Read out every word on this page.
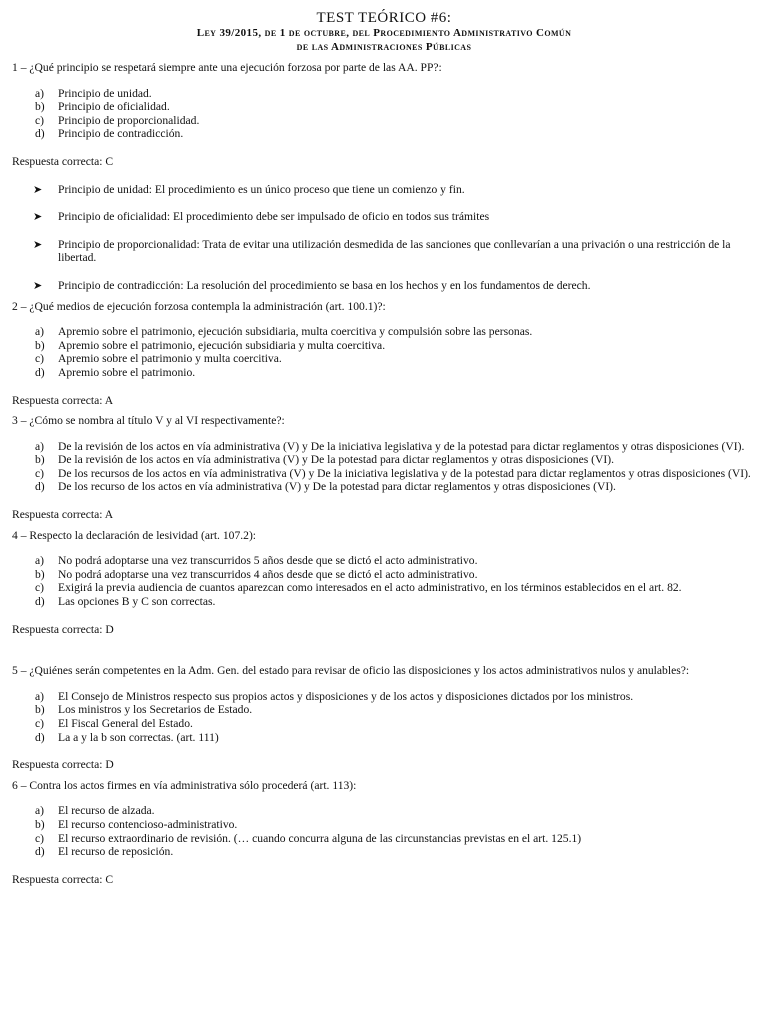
TEST TEÓRICO #6:
Ley 39/2015, de 1 de octubre, del Procedimiento Administrativo Común
de las Administraciones Públicas
1 – ¿Qué principio se respetará siempre ante una ejecución forzosa por parte de las AA. PP?:
a)	Principio de unidad.
b)	Principio de oficialidad.
c)	Principio de proporcionalidad.
d)	Principio de contradicción.
Respuesta correcta: C
➤	Principio de unidad: El procedimiento es un único proceso que tiene un comienzo y fin.
➤	Principio de oficialidad: El procedimiento debe ser impulsado de oficio en todos sus trámites
➤	Principio de proporcionalidad: Trata de evitar una utilización desmedida de las sanciones que conllevarían a una privación o una restricción de la libertad.
➤	Principio de contradicción: La resolución del procedimiento se basa en los hechos y en los fundamentos de derech.
2 – ¿Qué medios de ejecución forzosa contempla la administración (art. 100.1)?:
a)	Apremio sobre el patrimonio, ejecución subsidiaria, multa coercitiva y compulsión sobre las personas.
b)	Apremio sobre el patrimonio, ejecución subsidiaria y multa coercitiva.
c)	Apremio sobre el patrimonio y multa coercitiva.
d)	Apremio sobre el patrimonio.
Respuesta correcta: A
3 – ¿Cómo se nombra al título V y al VI respectivamente?:
a)	De la revisión de los actos en vía administrativa (V) y De la iniciativa legislativa y de la potestad para dictar reglamentos y otras disposiciones (VI).
b)	De la revisión de los actos en vía administrativa (V) y De la potestad para dictar reglamentos y otras disposiciones (VI).
c)	De los recursos de los actos en vía administrativa (V) y De la iniciativa legislativa y de la potestad para dictar reglamentos y otras disposiciones (VI).
d)	De los recurso de los actos en vía administrativa (V) y De la potestad para dictar reglamentos y otras disposiciones (VI).
Respuesta correcta: A
4 – Respecto la declaración de lesividad (art. 107.2):
a)	No podrá adoptarse una vez transcurridos 5 años desde que se dictó el acto administrativo.
b)	No podrá adoptarse una vez transcurridos 4 años desde que se dictó el acto administrativo.
c)	Exigirá la previa audiencia de cuantos aparezcan como interesados en el acto administrativo, en los términos establecidos en el art. 82.
d)	Las opciones B y C son correctas.
Respuesta correcta: D
5 – ¿Quiénes serán competentes en la Adm. Gen. del estado para revisar de oficio las disposiciones y los actos administrativos nulos y anulables?:
a)	El Consejo de Ministros respecto sus propios actos y disposiciones y de los actos y disposiciones dictados por los ministros.
b)	Los ministros y los Secretarios de Estado.
c)	El Fiscal General del Estado.
d)	La a y la b son correctas. (art. 111)
Respuesta correcta: D
6 – Contra los actos firmes en vía administrativa sólo procederá (art. 113):
a)	El recurso de alzada.
b)	El recurso contencioso-administrativo.
c)	El recurso extraordinario de revisión. (… cuando concurra alguna de las circunstancias previstas en el art. 125.1)
d)	El recurso de reposición.
Respuesta correcta: C
